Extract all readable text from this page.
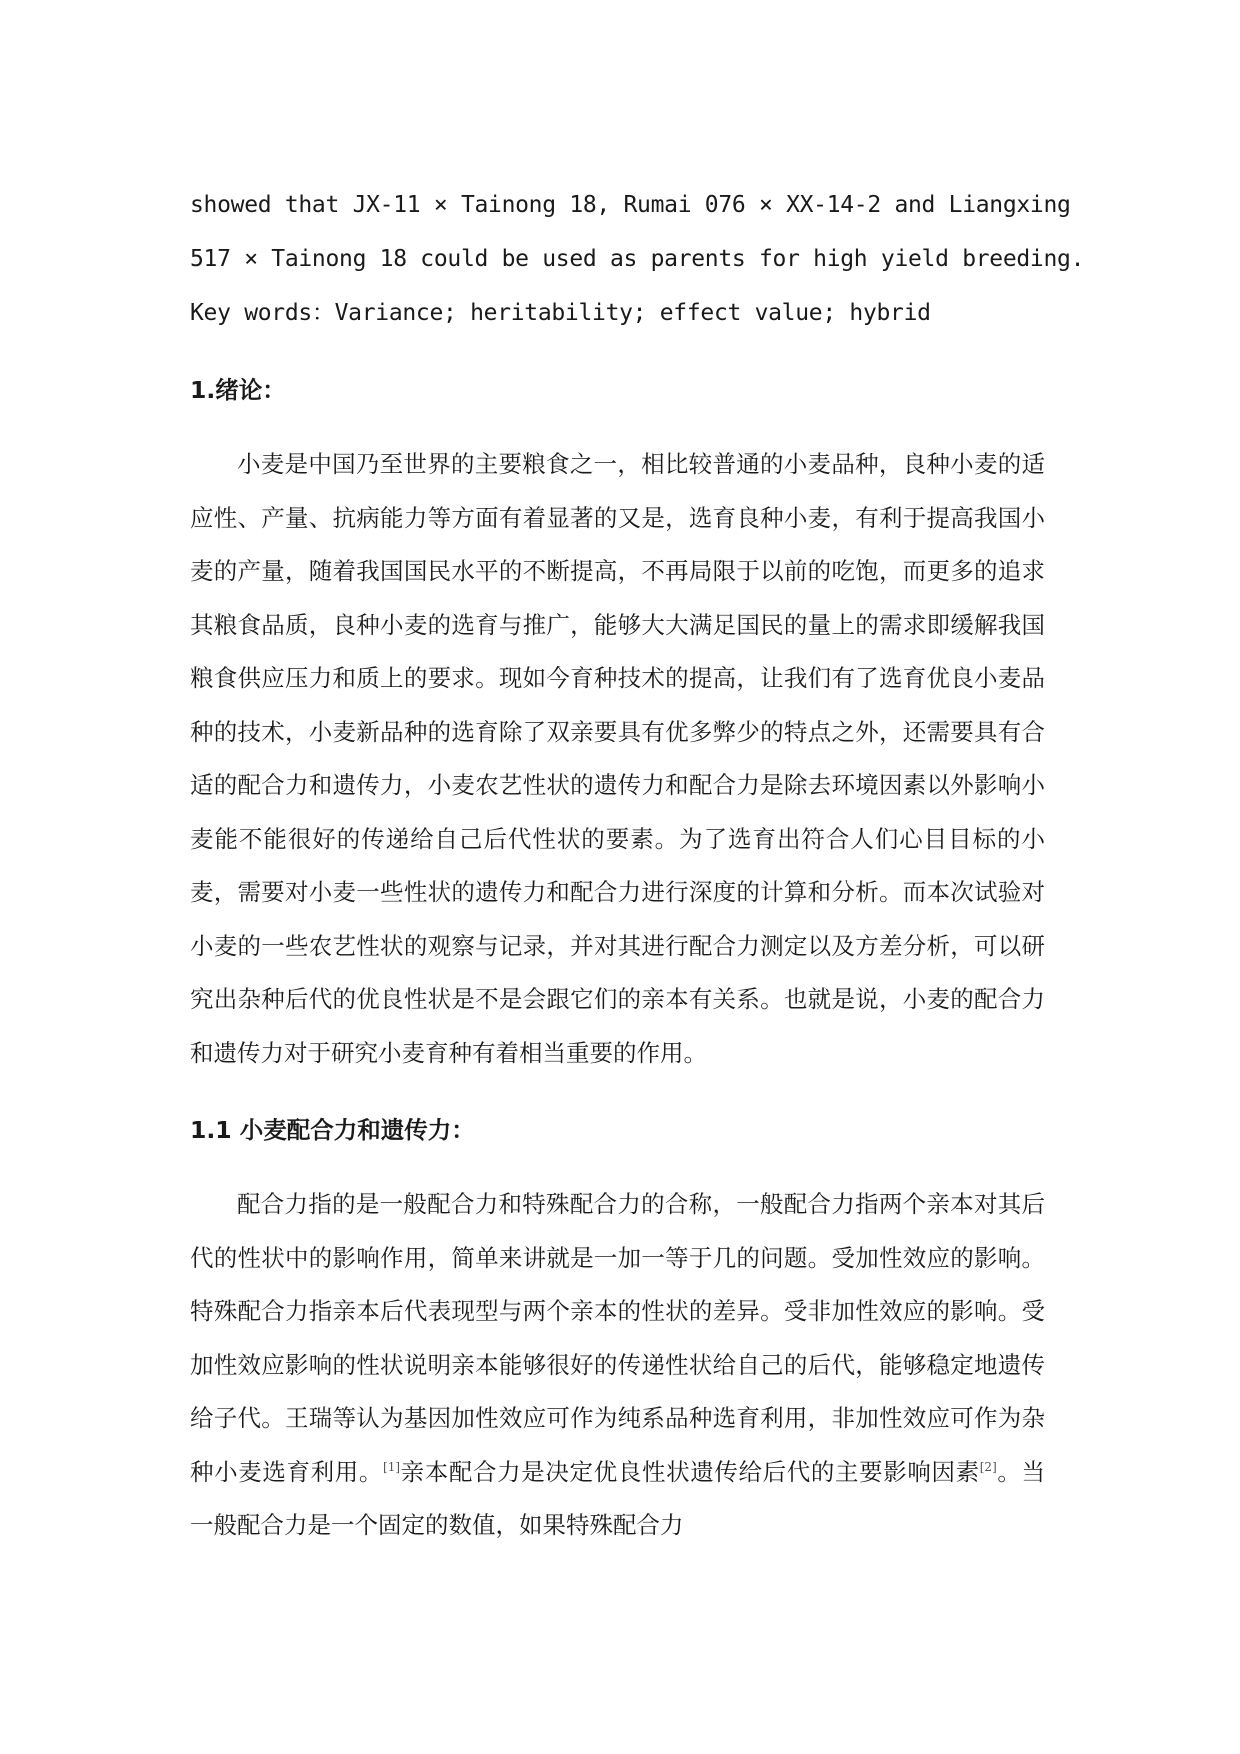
showed that JX-11 × Tainong 18, Rumai 076 × XX-14-2 and Liangxing

517 × Tainong 18 could be used as parents for high yield breeding.

Key words：Variance; heritability; effect value; hybrid

1.绪论：

小麦是中国乃至世界的主要粮食之一，相比较普通的小麦品种，良种小麦的适应性、产量、抗病能力等方面有着显著的又是，选育良种小麦，有利于提高我国小麦的产量，随着我国国民水平的不断提高，不再局限于以前的吃饱，而更多的追求其粮食品质，良种小麦的选育与推广，能够大大满足国民的量上的需求即缓解我国粮食供应压力和质上的要求。现如今育种技术的提高，让我们有了选育优良小麦品种的技术，小麦新品种的选育除了双亲要具有优多弊少的特点之外，还需要具有合适的配合力和遗传力，小麦农艺性状的遗传力和配合力是除去环境因素以外影响小麦能不能很好的传递给自己后代性状的要素。为了选育出符合人们心目目标的小麦，需要对小麦一些性状的遗传力和配合力进行深度的计算和分析。而本次试验对小麦的一些农艺性状的观察与记录，并对其进行配合力测定以及方差分析，可以研究出杂种后代的优良性状是不是会跟它们的亲本有关系。也就是说，小麦的配合力和遗传力对于研究小麦育种有着相当重要的作用。

1.1 小麦配合力和遗传力：

配合力指的是一般配合力和特殊配合力的合称，一般配合力指两个亲本对其后代的性状中的影响作用，简单来讲就是一加一等于几的问题。受加性效应的影响。特殊配合力指亲本后代表现型与两个亲本的性状的差异。受非加性效应的影响。受加性效应影响的性状说明亲本能够很好的传递性状给自己的后代，能够稳定地遗传给子代。王瑞等认为基因加性效应可作为纯系品种选育利用，非加性效应可作为杂种小麦选育利用。[1]亲本配合力是决定优良性状遗传给后代的主要影响因素[2]。当一般配合力是一个固定的数值，如果特殊配合力
